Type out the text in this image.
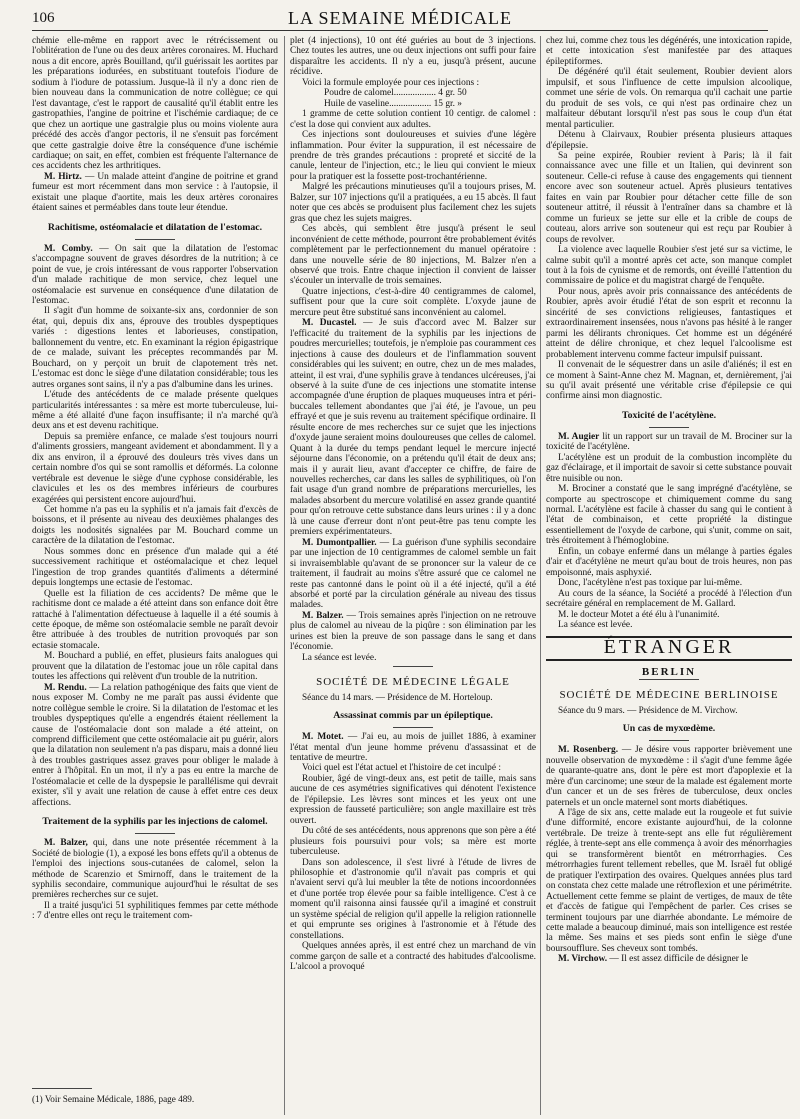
106	LA SEMAINE MÉDICALE

chémie elle-même en rapport avec le rétrécissement ou l'oblitération de l'une ou des deux artères coronaires. M. Huchard nous a dit encore, après Bouilland, qu'il guérissait les aortites par les préparations iodurées, en substituant toutefois l'iodure de sodium à l'iodure de potassium. Jusque-là il n'y a donc rien de bien nouveau dans la communication de notre collègue; ce qui l'est davantage, c'est le rapport de causalité qu'il établit entre les gastropathies, l'angine de poitrine et l'ischémie cardiaque; de ce que chez un aortique une gastralgie plus ou moins violente aura précédé des accès d'angor pectoris, il ne s'ensuit pas forcément que cette gastralgie doive être la conséquence d'une ischémie cardiaque; on sait, en effet, combien est fréquente l'alternance de ces accidents chez les arthritiques.

M. Hirtz. — Un malade atteint d'angine de poitrine et grand fumeur est mort récemment dans mon service : à l'autopsie, il existait une plaque d'aortite, mais les deux artères coronaires étaient saines et perméables dans toute leur étendue.

Rachitisme, ostéomalacie et dilatation de l'estomac.

M. Comby. — On sait que la dilatation de l'estomac s'accompagne souvent de graves désordres de la nutrition; à ce point de vue, je crois intéressant de vous rapporter l'observation d'un malade rachitique de mon service, chez lequel une ostéomalacie est survenue en conséquence d'une dilatation de l'estomac.

Il s'agit d'un homme de soixante-six ans, cordonnier de son état, qui, depuis dix ans, éprouve des troubles dyspeptiques variés : digestions lentes et laborieuses, constipation, ballonnement du ventre, etc. En examinant la région épigastrique de ce malade, suivant les préceptes recommandés par M. Bouchard, on y perçoit un bruit de clapotement très net. L'estomac est donc le siège d'une dilatation considérable; tous les autres organes sont sains, il n'y a pas d'albumine dans les urines.

L'étude des antécédents de ce malade présente quelques particularités intéressantes : sa mère est morte tuberculeuse, lui-même a été allaité d'une façon insuffisante; il n'a marché qu'à deux ans et est devenu rachitique.

Depuis sa première enfance, ce malade s'est toujours nourri d'aliments grossiers, mangeant avidement et abondamment. Il y a dix ans environ, il a éprouvé des douleurs très vives dans un certain nombre d'os qui se sont ramollis et déformés. La colonne vertébrale est devenue le siège d'une cyphose considérable, les clavicules et les os des membres inférieurs de courbures exagérées qui persistent encore aujourd'hui.

Cet homme n'a pas eu la syphilis et n'a jamais fait d'excès de boissons, et il présente au niveau des deuxièmes phalanges des doigts les nodosités signalées par M. Bouchard comme un caractère de la dilatation de l'estomac.

Nous sommes donc en présence d'un malade qui a été successivement rachitique et ostéomalacique et chez lequel l'ingestion de trop grandes quantités d'aliments a déterminé depuis longtemps une ectasie de l'estomac.

Quelle est la filiation de ces accidents? De même que le rachitisme dont ce malade a été atteint dans son enfance doit être rattaché à l'alimentation défectueuse à laquelle il a été soumis à cette époque, de même son ostéomalacie semble ne paraît devoir être attribuée à des troubles de nutrition provoqués par son ectasie stomacale.

M. Bouchard a publié, en effet, plusieurs faits analogues qui prouvent que la dilatation de l'estomac joue un rôle capital dans toutes les affections qui relèvent d'un trouble de la nutrition.

M. Rendu. — La relation pathogénique des faits que vient de nous exposer M. Comby ne me paraît pas aussi évidente que notre collègue semble le croire. Si la dilatation de l'estomac et les troubles dyspeptiques qu'elle a engendrés étaient réellement la cause de l'ostéomalacie dont son malade a été atteint, on comprend difficilement que cette ostéomalacie ait pu guérir, alors que la dilatation non seulement n'a pas disparu, mais a donné lieu à des troubles gastriques assez graves pour obliger le malade à entrer à l'hôpital. En un mot, il n'y a pas eu entre la marche de l'ostéomalacie et celle de la dyspepsie le parallélisme qui devrait exister, s'il y avait une relation de cause à effet entre ces deux affections.

Traitement de la syphilis par les injections de calomel.

M. Balzer, qui, dans une note présentée récemment à la Société de biologie (1), a exposé les bons effets qu'il a obtenus de l'emploi des injections sous-cutanées de calomel, selon la méthode de Scarenzio et Smirnoff, dans le traitement de la syphilis secondaire, communique aujourd'hui le résultat de ses premières recherches sur ce sujet.

Il a traité jusqu'ici 51 syphilitiques femmes par cette méthode : 7 d'entre elles ont reçu le traitement com-

(1) Voir Semaine Médicale, 1886, page 489.

plet (4 injections), 10 ont été guéries au bout de 3 injections. Chez toutes les autres, une ou deux injections ont suffi pour faire disparaître les accidents. Il n'y a eu, jusqu'à présent, aucune récidive.

Voici la formule employée pour ces injections :

Poudre de calomel.................. 4 gr. 50

Huile de vaseline.................. 15 gr. »

1 gramme de cette solution contient 10 centigr. de calomel : c'est la dose qui convient aux adultes.

Ces injections sont douloureuses et suivies d'une légère inflammation. Pour éviter la suppuration, il est nécessaire de prendre de très grandes précautions : propreté et siccité de la canule, lenteur de l'injection, etc.; le lieu qui convient le mieux pour la pratiquer est la fossette post-trochantérienne.

Malgré les précautions minutieuses qu'il a toujours prises, M. Balzer, sur 107 injections qu'il a pratiquées, a eu 15 abcès. Il faut noter que ces abcès se produisent plus facilement chez les sujets gras que chez les sujets maigres.

Ces abcès, qui semblent être jusqu'à présent le seul inconvénient de cette méthode, pourront être probablement évités complètement par le perfectionnement du manuel opératoire : dans une nouvelle série de 80 injections, M. Balzer n'en a observé que trois. Entre chaque injection il convient de laisser s'écouler un intervalle de trois semaines.

Quatre injections, c'est-à-dire 40 centigrammes de calomel, suffisent pour que la cure soit complète. L'oxyde jaune de mercure peut être substitué sans inconvénient au calomel.

M. Ducastel. — Je suis d'accord avec M. Balzer sur l'efficacité du traitement de la syphilis par les injections de poudres mercurielles; toutefois, je n'emploie pas couramment ces injections à cause des douleurs et de l'inflammation souvent considérables qui les suivent; en outre, chez un de mes malades, atteint, il est vrai, d'une syphilis grave à tendances ulcéreuses, j'ai observé à la suite d'une de ces injections une stomatite intense accompagnée d'une éruption de plaques muqueuses intra et péri-buccales tellement abondantes que j'ai été, je l'avoue, un peu effrayé et que je suis revenu au traitement spécifique ordinaire. Il résulte encore de mes recherches sur ce sujet que les injections d'oxyde jaune seraient moins douloureuses que celles de calomel. Quant à la durée du temps pendant lequel le mercure injecté séjourne dans l'économie, on a prétendu qu'il était de deux ans; mais il y aurait lieu, avant d'accepter ce chiffre, de faire de nouvelles recherches, car dans les salles de syphilitiques, où l'on fait usage d'un grand nombre de préparations mercurielles, les malades absorbent du mercure volatilisé en assez grande quantité pour qu'on retrouve cette substance dans leurs urines : il y a donc là une cause d'erreur dont n'ont peut-être pas tenu compte les premiers expérimentateurs.

M. Dumontpallier. — La guérison d'une syphilis secondaire par une injection de 10 centigrammes de calomel semble un fait si invraisemblable qu'avant de se prononcer sur la valeur de ce traitement, il faudrait au moins s'être assuré que ce calomel ne reste pas cantonné dans le point où il a été injecté, qu'il a été absorbé et porté par la circulation générale au niveau des tissus malades.

M. Balzer. — Trois semaines après l'injection on ne retrouve plus de calomel au niveau de la piqûre : son élimination par les urines est bien la preuve de son passage dans le sang et dans l'économie.

La séance est levée.

SOCIÉTÉ DE MÉDECINE LÉGALE

Séance du 14 mars. — Présidence de M. Horteloup.

Assassinat commis par un épileptique.

M. Motet. — J'ai eu, au mois de juillet 1886, à examiner l'état mental d'un jeune homme prévenu d'assassinat et de tentative de meurtre.

Voici quel est l'état actuel et l'histoire de cet inculpé :

Roubier, âgé de vingt-deux ans, est petit de taille, mais sans aucune de ces asymétries significatives qui dénotent l'existence de l'épilepsie. Les lèvres sont minces et les yeux ont une expression de fausseté particulière; son angle maxillaire est très ouvert.

Du côté de ses antécédents, nous apprenons que son père a été plusieurs fois poursuivi pour vols; sa mère est morte tuberculeuse.

Dans son adolescence, il s'est livré à l'étude de livres de philosophie et d'astronomie qu'il n'avait pas compris et qui n'avaient servi qu'à lui meubler la tête de notions incoordonnées et d'une portée trop élevée pour sa faible intelligence. C'est à ce moment qu'il raisonna ainsi faussée qu'il a imaginé et construit un système spécial de religion qu'il appelle la religion rationnelle et qui emprunte ses origines à l'astronomie et à l'étude des constellations.

Quelques années après, il est entré chez un marchand de vin comme garçon de salle et a contracté des habitudes d'alcoolisme. L'alcool a provoqué

chez lui, comme chez tous les dégénérés, une intoxication rapide, et cette intoxication s'est manifestée par des attaques épileptiformes.

De dégénéré qu'il était seulement, Roubier devient alors impulsif, et sous l'influence de cette impulsion alcoolique, commet une série de vols. On remarqua qu'il cachait une partie du produit de ses vols, ce qui n'est pas ordinaire chez un malfaiteur débutant lorsqu'il n'est pas sous le coup d'un état mental particulier.

Détenu à Clairvaux, Roubier présenta plusieurs attaques d'épilepsie.

Sa peine expirée, Roubier revient à Paris; là il fait connaissance avec une fille et un Italien, qui devinrent son souteneur. Celle-ci refuse à cause des engagements qui tiennent encore avec son souteneur actuel. Après plusieurs tentatives faites en vain par Roubier pour détacher cette fille de son souteneur attitré, il réussit à l'entraîner dans sa chambre et là comme un furieux se jette sur elle et la crible de coups de couteau, alors arrive son souteneur qui est reçu par Roubier à coups de revolver.

La violence avec laquelle Roubier s'est jeté sur sa victime, le calme subit qu'il a montré après cet acte, son manque complet tout à la fois de cynisme et de remords, ont éveillé l'attention du commissaire de police et du magistrat chargé de l'enquête.

Pour nous, après avoir pris connaissance des antécédents de Roubier, après avoir étudié l'état de son esprit et reconnu la sincérité de ses convictions religieuses, fantastiques et extraordinairement insensées, nous n'avons pas hésité à le ranger parmi les délirants chroniques. Cet homme est un dégénéré atteint de délire chronique, et chez lequel l'alcoolisme est probablement intervenu comme facteur impulsif puissant.

Il convenait de le séquestrer dans un asile d'aliénés; il est en ce moment à Saint-Anne chez M. Magnan, et, dernièrement, j'ai su qu'il avait présenté une véritable crise d'épilepsie ce qui confirme ainsi mon diagnostic.

Toxicité de l'acétylène.

M. Augier lit un rapport sur un travail de M. Brociner sur la toxicité de l'acétylène.

L'acétylène est un produit de la combustion incomplète du gaz d'éclairage, et il importait de savoir si cette substance pouvait être nuisible ou non.

M. Brociner a constaté que le sang imprégné d'acétylène, se comporte au spectroscope et chimiquement comme du sang normal. L'acétylène est facile à chasser du sang qui le contient à l'état de combinaison, et cette propriété la distingue essentiellement de l'oxyde de carbone, qui s'unit, comme on sait, très étroitement à l'hémoglobine.

Enfin, un cobaye enfermé dans un mélange à parties égales d'air et d'acétylène ne meurt qu'au bout de trois heures, non pas empoisonné, mais asphyxié.

Donc, l'acétylène n'est pas toxique par lui-même.

Au cours de la séance, la Société a procédé à l'élection d'un secrétaire général en remplacement de M. Gallard.

M. le docteur Motet a été élu à l'unanimité.

La séance est levée.

ÉTRANGER
BERLIN
SOCIÉTÉ DE MÉDECINE BERLINOISE

Séance du 9 mars. — Présidence de M. Virchow.

Un cas de myxœdème.

M. Rosenberg. — Je désire vous rapporter brièvement une nouvelle observation de myxœdème : il s'agit d'une femme âgée de quarante-quatre ans, dont le père est mort d'apoplexie et la mère d'un carcinome; une sœur de la malade est également morte d'un cancer et un de ses frères de tuberculose, deux oncles paternels et un oncle maternel sont morts diabétiques.

A l'âge de six ans, cette malade eut la rougeole et fut suivie d'une difformité, encore existante aujourd'hui, de la colonne vertébrale. De treize à trente-sept ans elle fut régulièrement réglée, à trente-sept ans elle commença à avoir des ménorrhagies qui se transformèrent bientôt en métrorrhagies. Ces métrorrhagies furent tellement rebelles, que M. Israël fut obligé de pratiquer l'extirpation des ovaires. Quelques années plus tard on constata chez cette malade une rétroflexion et une périmétrite. Actuellement cette femme se plaint de vertiges, de maux de tête et d'accès de fatigue qui l'empêchent de parler. Ces crises se terminent toujours par une diarrhée abondante. Le mémoire de cette malade a beaucoup diminué, mais son intelligence est restée la même. Ses mains et ses pieds sont enfin le siège d'une boursoufflure. Ses cheveux sont tombés.

M. Virchow. — Il est assez difficile de désigner le
